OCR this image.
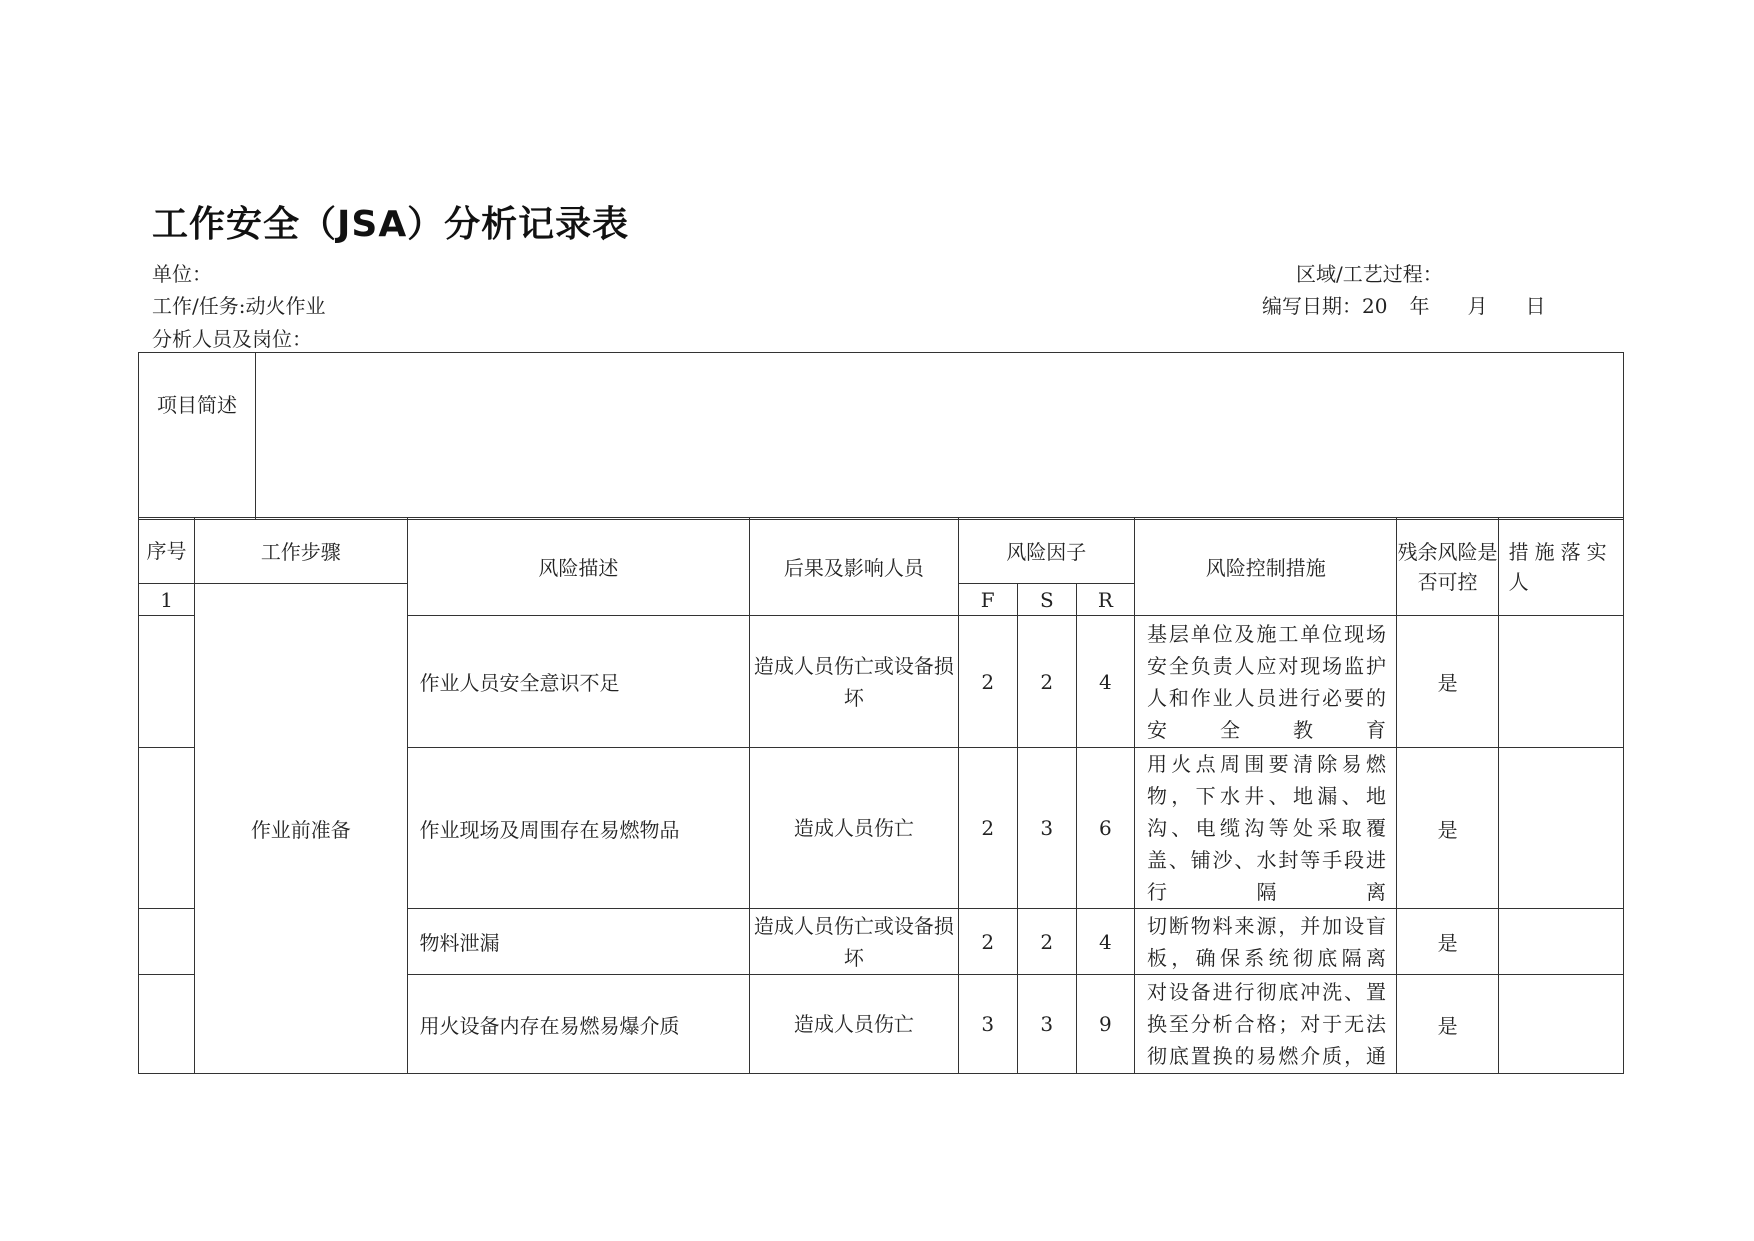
工作安全（JSA）分析记录表
单位：
工作/任务:动火作业
分析人员及岗位：
区域/工艺过程：
编写日期：20 年 月 日
项目简述	
序号	工作步骤	风险描述	后果及影响人员	风险因子			风险控制措施	残余风险是否可控	措施落实人
1	作业前准备			F	S	R			
		作业人员安全意识不足	造成人员伤亡或设备损坏	2	2	4	基层单位及施工单位现场安全负责人应对现场监护人和作业人员进行必要的安全教育	是	
		作业现场及周围存在易燃物品	造成人员伤亡	2	3	6	用火点周围要清除易燃物，下水井、地漏、地沟、电缆沟等处采取覆盖、铺沙、水封等手段进行隔离	是	
		物料泄漏	造成人员伤亡或设备损坏	2	2	4	切断物料来源，并加设盲板，确保系统彻底隔离	是	
		用火设备内存在易燃易爆介质	造成人员伤亡	3	3	9	对设备进行彻底冲洗、置换至分析合格；对于无法彻底置换的易燃介质，通	是	
